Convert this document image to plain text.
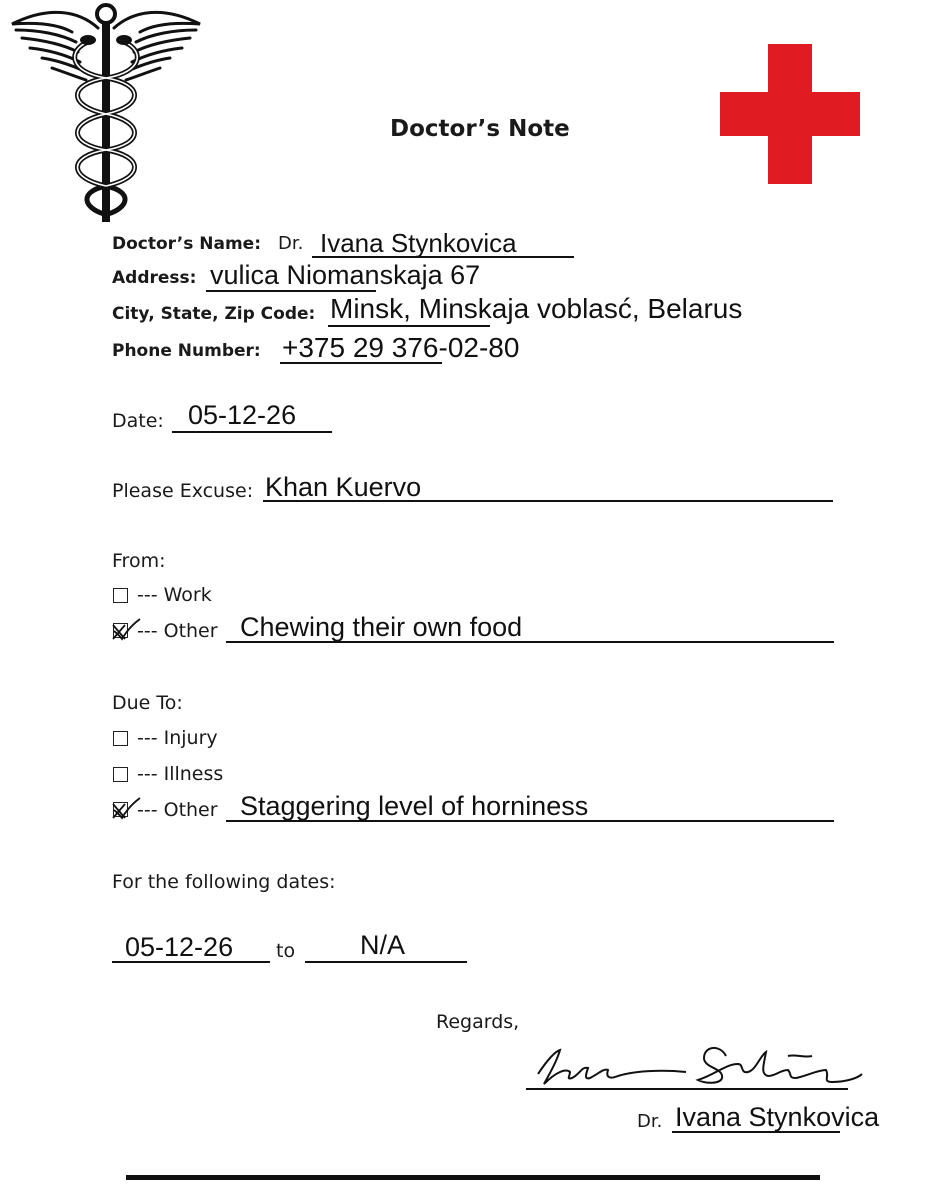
Doctor’s Note
Doctor’s Name: Dr. Ivana Stynkovica
Address: vulica Niomanskaja 67
City, State, Zip Code: Minsk, Minskaja voblasć, Belarus
Phone Number: +375 29 376-02-80
Date: 05-12-26
Please Excuse: Khan Kuervo
From:
--- Work
--- Other Chewing their own food
Due To:
--- Injury
--- Illness
--- Other Staggering level of horniness
For the following dates:
05-12-26 to N/A
Regards,
Dr. Ivana Stynkovica
